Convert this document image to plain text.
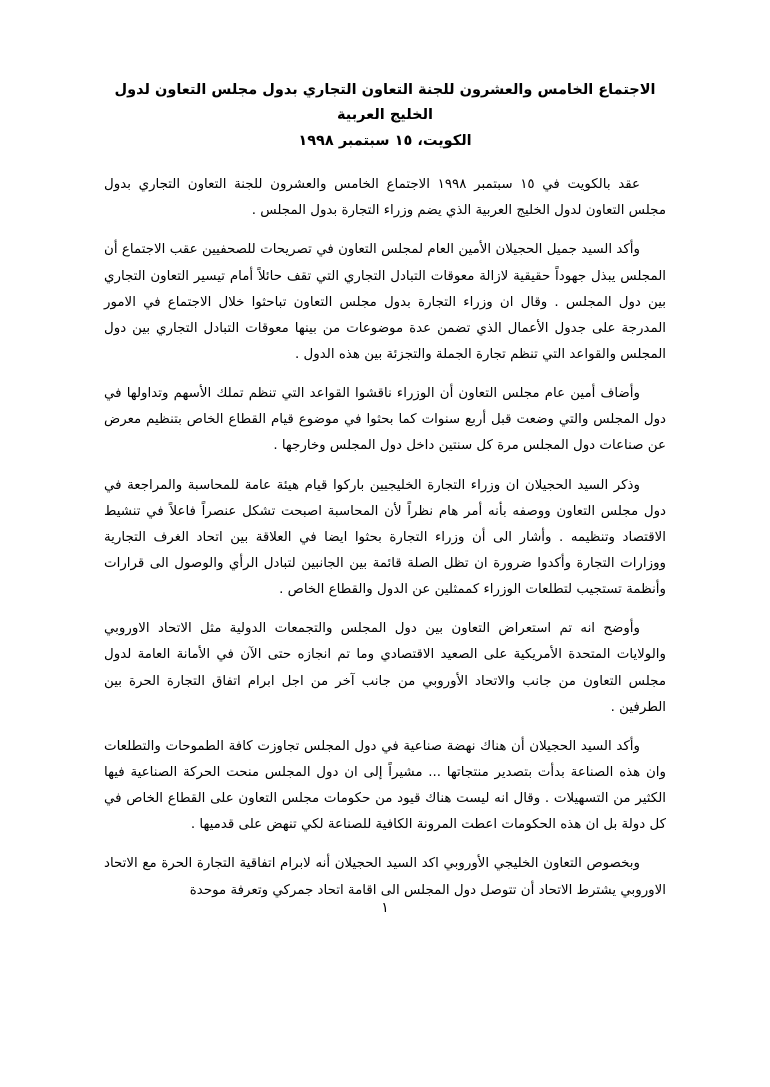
الاجتماع الخامس والعشرون للجنة التعاون التجاري بدول مجلس التعاون لدول الخليج العربية
الكويت، ١٥ سبتمبر ١٩٩٨

عقد بالكويت في ١٥ سبتمبر ١٩٩٨ الاجتماع الخامس والعشرون للجنة التعاون التجاري بدول مجلس التعاون لدول الخليج العربية الذي يضم وزراء التجارة بدول المجلس .

وأكد السيد جميل الحجيلان الأمين العام لمجلس التعاون في تصريحات للصحفيين عقب الاجتماع أن المجلس يبذل جهوداً حقيقية لازالة معوقات التبادل التجاري التي تقف حائلاً أمام تيسير التعاون التجاري بين دول المجلس . وقال ان وزراء التجارة بدول مجلس التعاون تباحثوا خلال الاجتماع في الامور المدرجة على جدول الأعمال الذي تضمن عدة موضوعات من بينها معوقات التبادل التجاري بين دول المجلس والقواعد التي تنظم تجارة الجملة والتجزئة بين هذه الدول .

وأضاف أمين عام مجلس التعاون أن الوزراء ناقشوا القواعد التي تنظم تملك الأسهم وتداولها في دول المجلس والتي وضعت قبل أربع سنوات كما بحثوا في موضوع قيام القطاع الخاص بتنظيم معرض عن صناعات دول المجلس مرة كل سنتين داخل دول المجلس وخارجها .

وذكر السيد الحجيلان ان وزراء التجارة الخليجيين باركوا قيام هيئة عامة للمحاسبة والمراجعة في دول مجلس التعاون ووصفه بأنه أمر هام نظراً لأن المحاسبة اصبحت تشكل عنصراً فاعلاً في تنشيط الاقتصاد وتنظيمه . وأشار الى أن وزراء التجارة بحثوا ايضا في العلاقة بين اتحاد الغرف التجارية ووزارات التجارة وأكدوا ضرورة ان تظل الصلة قائمة بين الجانبين لتبادل الرأي والوصول الى قرارات وأنظمة تستجيب لتطلعات الوزراء كممثلين عن الدول والقطاع الخاص .

وأوضح انه تم استعراض التعاون بين دول المجلس والتجمعات الدولية مثل الاتحاد الاوروبي والولايات المتحدة الأمريكية على الصعيد الاقتصادي وما تم انجازه حتى الآن في الأمانة العامة لدول مجلس التعاون من جانب والاتحاد الأوروبي من جانب آخر من اجل ابرام اتفاق التجارة الحرة بين الطرفين .

وأكد السيد الحجيلان أن هناك نهضة صناعية في دول المجلس تجاوزت كافة الطموحات والتطلعات وان هذه الصناعة بدأت بتصدير منتجاتها ... مشيراً إلى ان دول المجلس منحت الحركة الصناعية فيها الكثير من التسهيلات . وقال انه ليست هناك قيود من حكومات مجلس التعاون على القطاع الخاص في كل دولة بل ان هذه الحكومات اعطت المرونة الكافية للصناعة لكي تنهض على قدميها .

وبخصوص التعاون الخليجي الأوروبي اكد السيد الحجيلان أنه لابرام اتفاقية التجارة الحرة مع الاتحاد الاوروبي يشترط الاتحاد أن تتوصل دول المجلس الى اقامة اتحاد جمركي وتعرفة موحدة

١
